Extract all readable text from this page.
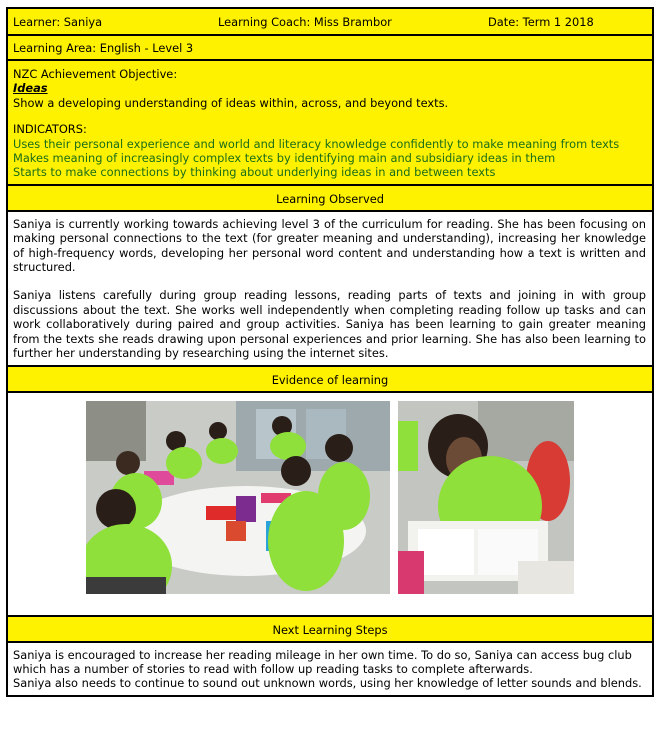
Learner: Saniya	Learning Coach: Miss Brambor	Date: Term 1 2018
Learning Area: English - Level 3
NZC Achievement Objective:
Ideas
Show a developing understanding of ideas within, across, and beyond texts.
INDICATORS:
Uses their personal experience and world and literacy knowledge confidently to make meaning from texts
Makes meaning of increasingly complex texts by identifying main and subsidiary ideas in them
Starts to make connections by thinking about underlying ideas in and between texts
Learning Observed

Saniya is currently working towards achieving level 3 of the curriculum for reading. She has been focusing on making personal connections to the text (for greater meaning and understanding), increasing her knowledge of high-frequency words, developing her personal word content and understanding how a text is written and structured.

Saniya listens carefully during group reading lessons, reading parts of texts and joining in with group discussions about the text. She works well independently when completing reading follow up tasks and can work collaboratively during paired and group activities. Saniya has been learning to gain greater meaning from the texts she reads drawing upon personal experiences and prior learning. She has also been learning to further her understanding by researching using the internet sites.

Evidence of learning
Next Learning Steps
Saniya is encouraged to increase her reading mileage in her own time. To do so, Saniya can access bug club which has a number of stories to read with follow up reading tasks to complete afterwards.
Saniya also needs to continue to sound out unknown words, using her knowledge of letter sounds and blends.
